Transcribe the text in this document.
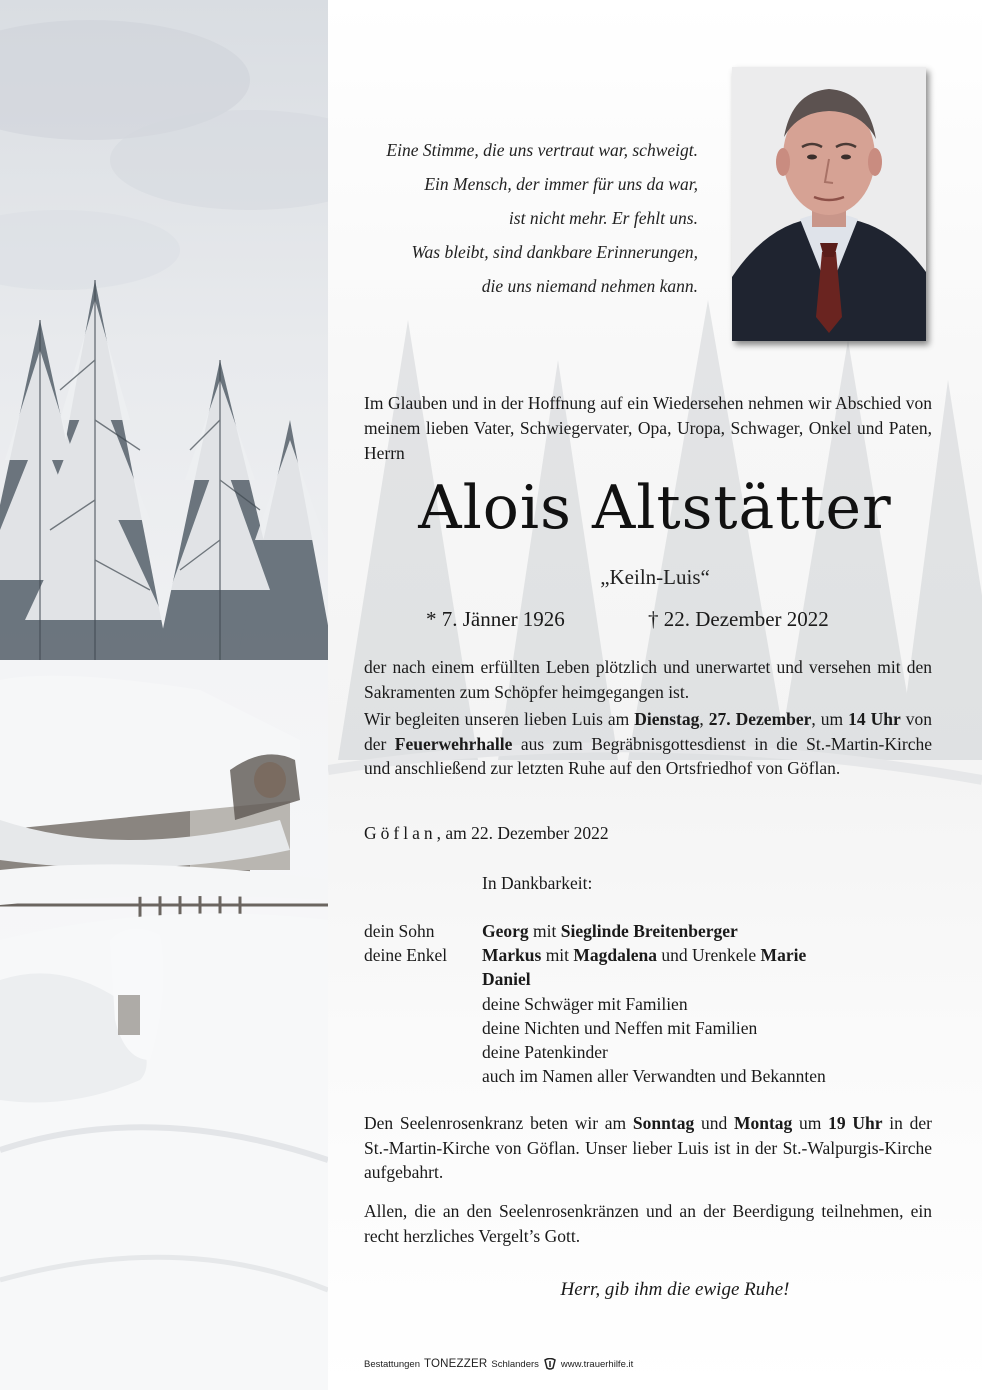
Eine Stimme, die uns vertraut war, schweigt.
Ein Mensch, der immer für uns da war,
ist nicht mehr. Er fehlt uns.
Was bleibt, sind dankbare Erinnerungen,
die uns niemand nehmen kann.
Im Glauben und in der Hoffnung auf ein Wiedersehen nehmen wir Abschied von meinem lieben Vater, Schwiegervater, Opa, Uropa, Schwager, Onkel und Paten, Herrn
Alois Altstätter
„Keiln-Luis“
* 7. Jänner 1926	† 22. Dezember 2022
der nach einem erfüllten Leben plötzlich und unerwartet und versehen mit den Sakramenten zum Schöpfer heimgegangen ist.
Wir begleiten unseren lieben Luis am Dienstag, 27. Dezember, um 14 Uhr von der Feuerwehrhalle aus zum Begräbnisgottesdienst in die St.-Martin-Kirche und anschließend zur letzten Ruhe auf den Ortsfriedhof von Göflan.
Göflan, am 22. Dezember 2022
In Dankbarkeit:
dein Sohn
deine Enkel
Georg mit Sieglinde Breitenberger
Markus mit Magdalena und Urenkele Marie
Daniel
deine Schwäger mit Familien
deine Nichten und Neffen mit Familien
deine Patenkinder
auch im Namen aller Verwandten und Bekannten
Den Seelenrosenkranz beten wir am Sonntag und Montag um 19 Uhr in der St.-Martin-Kirche von Göflan. Unser lieber Luis ist in der St.-Walpurgis-Kirche aufgebahrt.
Allen, die an den Seelenrosenkränzen und an der Beerdigung teilnehmen, ein recht herzliches Vergelt’s Gott.
Herr, gib ihm die ewige Ruhe!
Bestattungen TONEZZER Schlanders www.trauerhilfe.it
